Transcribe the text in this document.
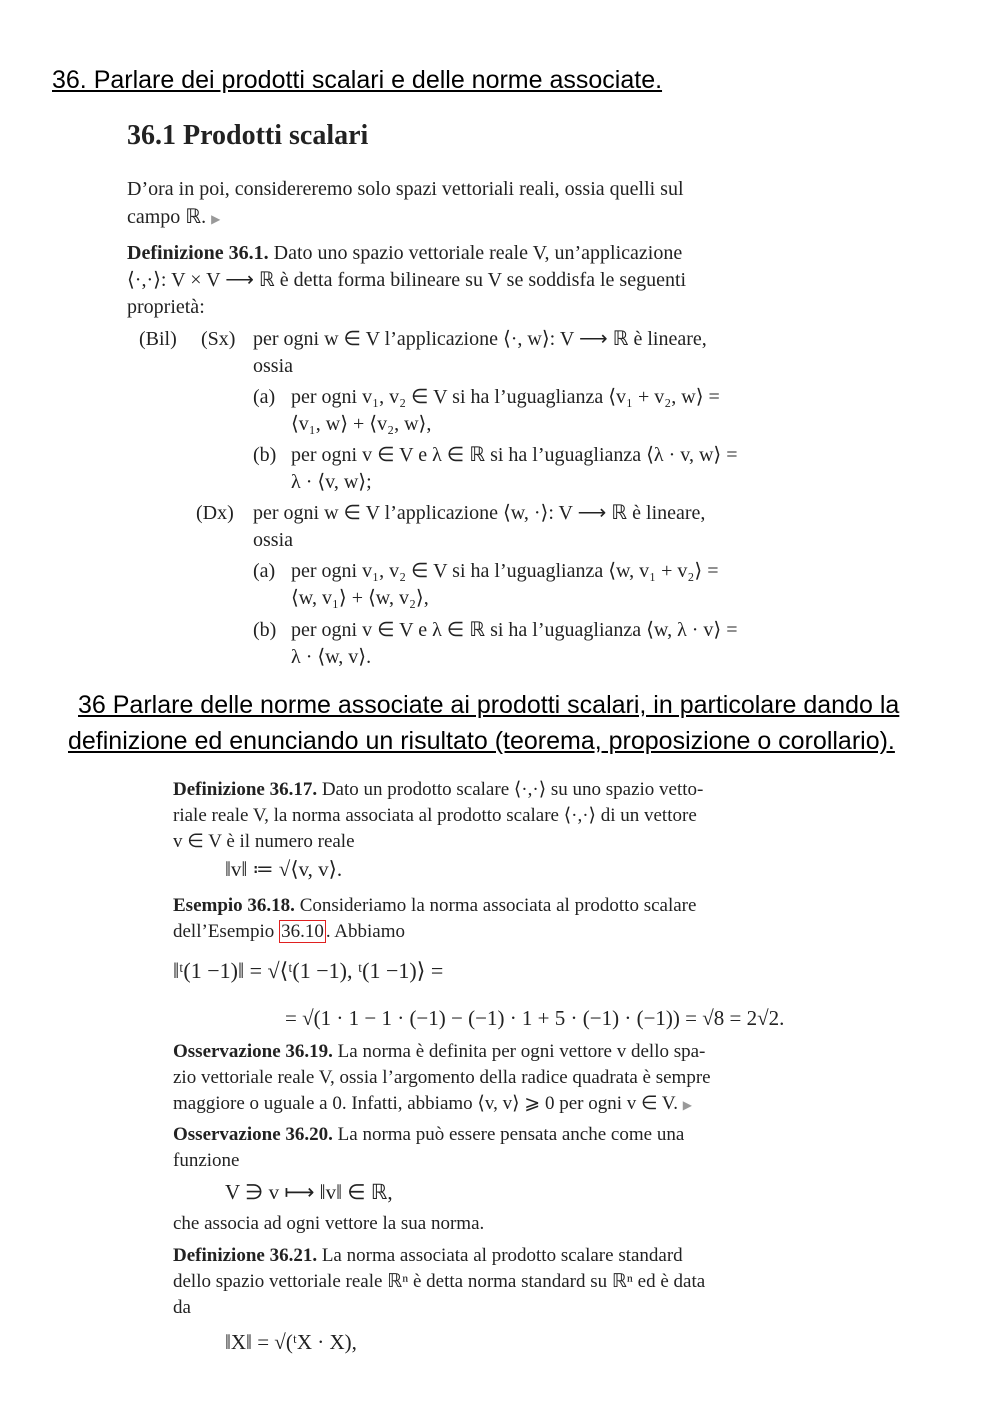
36. Parlare dei prodotti scalari e delle norme associate.
36.1 Prodotti scalari
D’ora in poi, considereremo solo spazi vettoriali reali, ossia quelli sul
campo ℝ. ▶
Definizione 36.1. Dato uno spazio vettoriale reale V, un’applicazione
⟨·,·⟩: V × V ⟶ ℝ è detta forma bilineare su V se soddisfa le seguenti
proprietà:
(Bil) (Sx) per ogni w ∈ V l’applicazione ⟨·, w⟩: V ⟶ ℝ è lineare,
ossia
(a) per ogni v₁, v₂ ∈ V si ha l’uguaglianza ⟨v₁ + v₂, w⟩ =
⟨v₁, w⟩ + ⟨v₂, w⟩,
(b) per ogni v ∈ V e λ ∈ ℝ si ha l’uguaglianza ⟨λ · v, w⟩ =
λ · ⟨v, w⟩;
(Dx) per ogni w ∈ V l’applicazione ⟨w, ·⟩: V ⟶ ℝ è lineare,
ossia
(a) per ogni v₁, v₂ ∈ V si ha l’uguaglianza ⟨w, v₁ + v₂⟩ =
⟨w, v₁⟩ + ⟨w, v₂⟩,
(b) per ogni v ∈ V e λ ∈ ℝ si ha l’uguaglianza ⟨w, λ · v⟩ =
λ · ⟨w, v⟩.
36 Parlare delle norme associate ai prodotti scalari, in particolare dando la
definizione ed enunciando un risultato (teorema, proposizione o corollario).
Definizione 36.17. Dato un prodotto scalare ⟨·,·⟩ su uno spazio vetto-
riale reale V, la norma associata al prodotto scalare ⟨·,·⟩ di un vettore
v ∈ V è il numero reale
‖v‖ ≔ √⟨v, v⟩.
Esempio 36.18. Consideriamo la norma associata al prodotto scalare
dell’Esempio 36.10 . Abbiamo
‖ᵗ(1 −1)‖ = √⟨ᵗ(1 −1), ᵗ(1 −1)⟩ =
= √(1 · 1 − 1 · (−1) − (−1) · 1 + 5 · (−1) · (−1)) = √8 = 2√2.
Osservazione 36.19. La norma è definita per ogni vettore v dello spa-
zio vettoriale reale V, ossia l’argomento della radice quadrata è sempre
maggiore o uguale a 0. Infatti, abbiamo ⟨v, v⟩ ⩾ 0 per ogni v ∈ V. ▶
Osservazione 36.20. La norma può essere pensata anche come una
funzione
V ∋ v ⟼ ‖v‖ ∈ ℝ,
che associa ad ogni vettore la sua norma.
Definizione 36.21. La norma associata al prodotto scalare standard
dello spazio vettoriale reale ℝⁿ è detta norma standard su ℝⁿ ed è data
da
‖X‖ = √(ᵗX · X),
